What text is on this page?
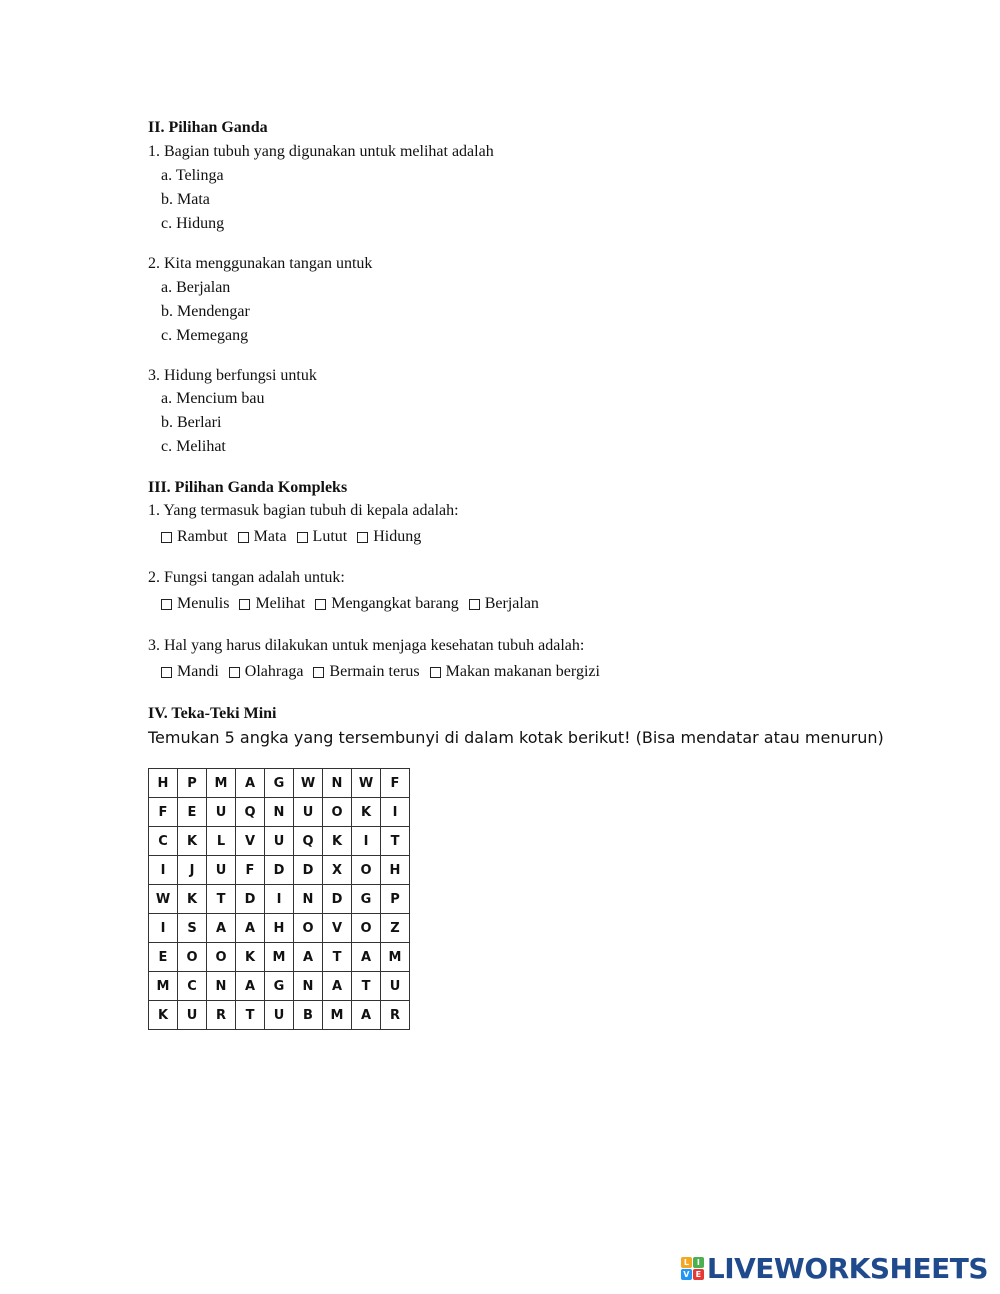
II. Pilihan Ganda
1. Bagian tubuh yang digunakan untuk melihat adalah
a. Telinga
b. Mata
c. Hidung
2. Kita menggunakan tangan untuk
a. Berjalan
b. Mendengar
c. Memegang
3. Hidung berfungsi untuk
a. Mencium bau
b. Berlari
c. Melihat
III. Pilihan Ganda Kompleks
1. Yang termasuk bagian tubuh di kepala adalah:
Rambut Mata Lutut Hidung
2. Fungsi tangan adalah untuk:
Menulis Melihat Mengangkat barang Berjalan
3. Hal yang harus dilakukan untuk menjaga kesehatan tubuh adalah:
Mandi Olahraga Bermain terus Makan makanan bergizi
IV. Teka-Teki Mini
Temukan 5 angka yang tersembunyi di dalam kotak berikut! (Bisa mendatar atau menurun)
H	P	M	A	G	W	N	W	F
F	E	U	Q	N	U	O	K	I
C	K	L	V	U	Q	K	I	T
I	J	U	F	D	D	X	O	H
W	K	T	D	I	N	D	G	P
I	S	A	A	H	O	V	O	Z
E	O	O	K	M	A	T	A	M
M	C	N	A	G	N	A	T	U
K	U	R	T	U	B	M	A	R
L I
V E LIVEWORKSHEETS
